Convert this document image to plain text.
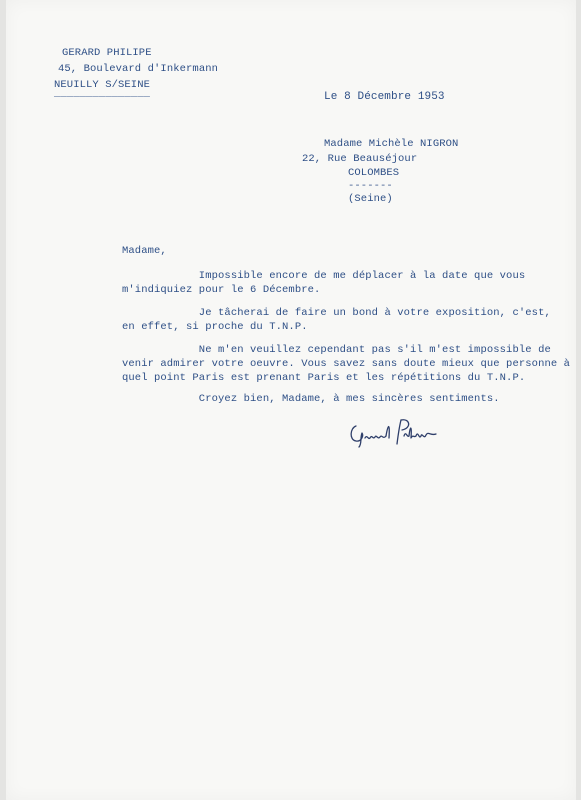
GERARD PHILIPE
45, Boulevard d'Inkermann
NEUILLY S/SEINE
_______________	Le 8 Décembre 1953
Madame Michèle NIGRON
22, Rue Beauséjour
COLOMBES
-------
(Seine)
Madame,
Impossible encore de me déplacer à la date que vous
m'indiquiez pour le 6 Décembre.
Je tâcherai de faire un bond à votre exposition, c'est,
en effet, si proche du T.N.P.
Ne m'en veuillez cependant pas s'il m'est impossible de
venir admirer votre oeuvre. Vous savez sans doute mieux que personne à
quel point Paris est prenant Paris et les répétitions du T.N.P.
Croyez bien, Madame, à mes sincères sentiments.
